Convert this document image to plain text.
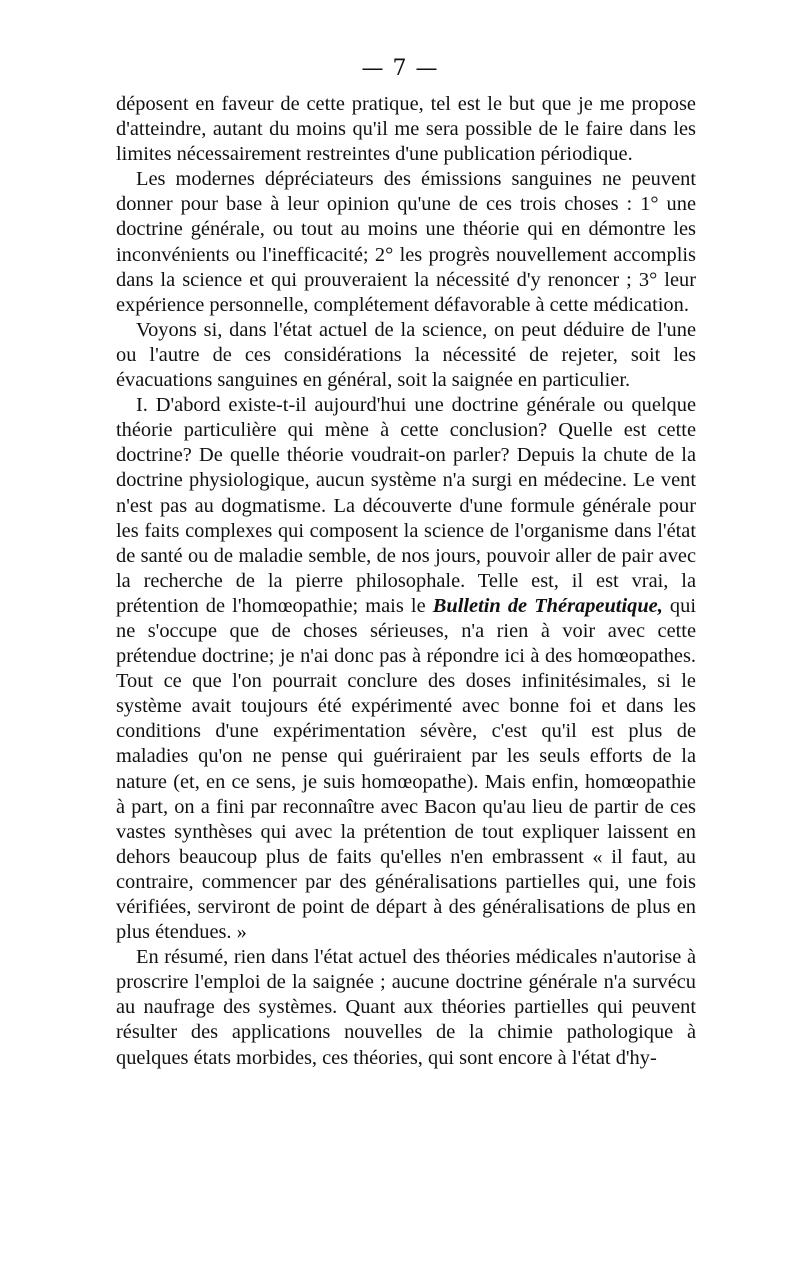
— 7 —

déposent en faveur de cette pratique, tel est le but que je me propose d'atteindre, autant du moins qu'il me sera possible de le faire dans les limites nécessairement restreintes d'une publication périodique.

Les modernes dépréciateurs des émissions sanguines ne peuvent donner pour base à leur opinion qu'une de ces trois choses : 1° une doctrine générale, ou tout au moins une théorie qui en démontre les inconvénients ou l'inefficacité; 2° les progrès nouvellement accomplis dans la science et qui prouveraient la nécessité d'y renoncer ; 3° leur expérience personnelle, complétement défavorable à cette médication.

Voyons si, dans l'état actuel de la science, on peut déduire de l'une ou l'autre de ces considérations la nécessité de rejeter, soit les évacuations sanguines en général, soit la saignée en particulier.

I. D'abord existe-t-il aujourd'hui une doctrine générale ou quelque théorie particulière qui mène à cette conclusion? Quelle est cette doctrine? De quelle théorie voudrait-on parler? Depuis la chute de la doctrine physiologique, aucun système n'a surgi en médecine. Le vent n'est pas au dogmatisme. La découverte d'une formule générale pour les faits complexes qui composent la science de l'organisme dans l'état de santé ou de maladie semble, de nos jours, pouvoir aller de pair avec la recherche de la pierre philosophale. Telle est, il est vrai, la prétention de l'homœopathie; mais le Bulletin de Thérapeutique, qui ne s'occupe que de choses sérieuses, n'a rien à voir avec cette prétendue doctrine; je n'ai donc pas à répondre ici à des homœopathes. Tout ce que l'on pourrait conclure des doses infinitésimales, si le système avait toujours été expérimenté avec bonne foi et dans les conditions d'une expérimentation sévère, c'est qu'il est plus de maladies qu'on ne pense qui guériraient par les seuls efforts de la nature (et, en ce sens, je suis homœopathe). Mais enfin, homœopathie à part, on a fini par reconnaître avec Bacon qu'au lieu de partir de ces vastes synthèses qui avec la prétention de tout expliquer laissent en dehors beaucoup plus de faits qu'elles n'en embrassent « il faut, au contraire, commencer par des généralisations partielles qui, une fois vérifiées, serviront de point de départ à des généralisations de plus en plus étendues. »

En résumé, rien dans l'état actuel des théories médicales n'autorise à proscrire l'emploi de la saignée ; aucune doctrine générale n'a survécu au naufrage des systèmes. Quant aux théories partielles qui peuvent résulter des applications nouvelles de la chimie pathologique à quelques états morbides, ces théories, qui sont encore à l'état d'hy-
